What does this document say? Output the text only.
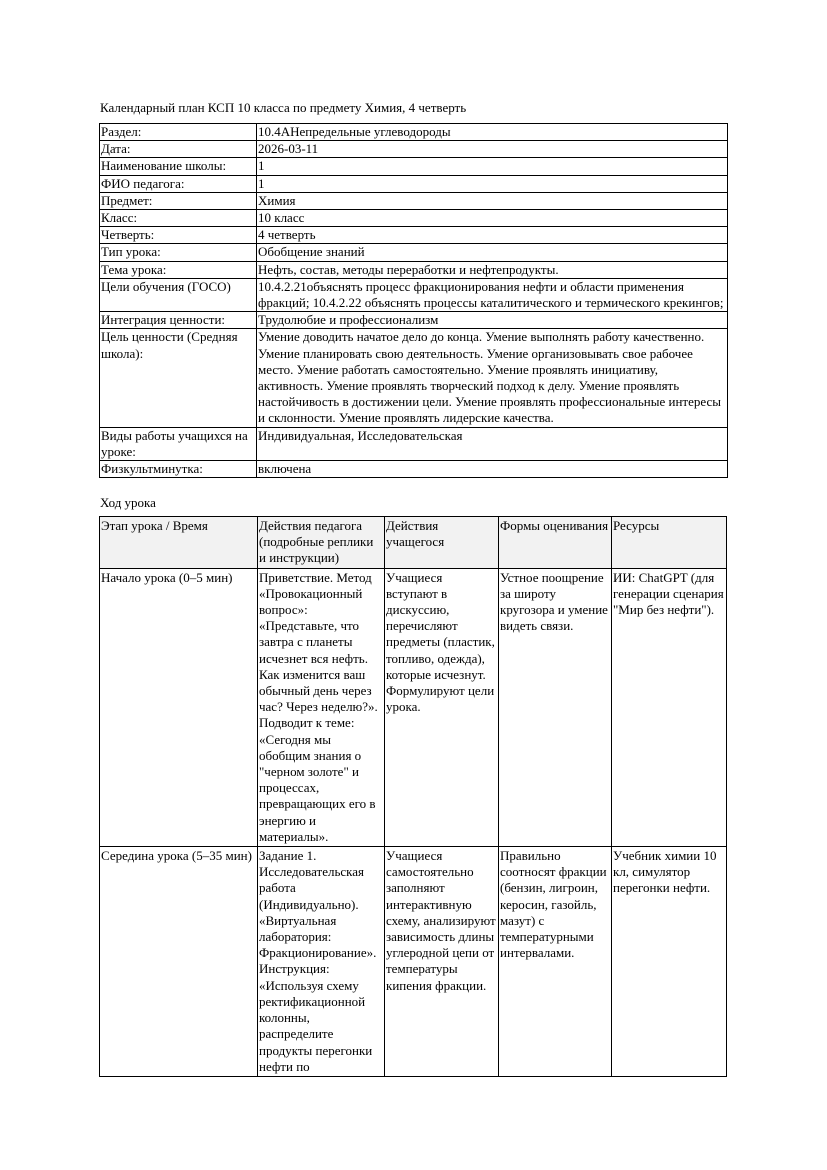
Календарный план КСП 10 класса по предмету Химия, 4 четверть
Раздел:	10.4АНепредельные углеводороды
Дата:	2026-03-11
Наименование школы:	1
ФИО педагога:	1
Предмет:	Химия
Класс:	10 класс
Четверть:	4 четверть
Тип урока:	Обобщение знаний
Тема урока:	Нефть, состав, методы переработки и нефтепродукты.
Цели обучения (ГОСО)	10.4.2.21объяснять процесс фракционирования нефти и области применения фракций; 10.4.2.22 объяснять процессы каталитического и термического крекингов;
Интеграция ценности:	Трудолюбие и профессионализм
Цель ценности (Средняя школа):	Умение доводить начатое дело до конца. Умение выполнять работу качественно. Умение планировать свою деятельность. Умение организовывать свое рабочее место. Умение работать самостоятельно. Умение проявлять инициативу, активность. Умение проявлять творческий подход к делу. Умение проявлять настойчивость в достижении цели. Умение проявлять профессиональные интересы и склонности. Умение проявлять лидерские качества.
Виды работы учащихся на уроке:	Индивидуальная, Исследовательская
Физкультминутка:	включена
Ход урока
Этап урока / Время	Действия педагога (подробные реплики и инструкции)	Действия учащегося	Формы оценивания	Ресурсы
Начало урока (0–5 мин)	Приветствие. Метод «Провокационный вопрос»: «Представьте, что завтра с планеты исчезнет вся нефть. Как изменится ваш обычный день через час? Через неделю?». Подводит к теме: «Сегодня мы обобщим знания о "черном золоте" и процессах, превращающих его в энергию и материалы».	Учащиеся вступают в дискуссию, перечисляют предметы (пластик, топливо, одежда), которые исчезнут. Формулируют цели урока.	Устное поощрение за широту кругозора и умение видеть связи.	ИИ: ChatGPT (для генерации сценария "Мир без нефти").
Середина урока (5–35 мин)	Задание 1. Исследовательская работа (Индивидуально). «Виртуальная лаборатория: Фракционирование». Инструкция: «Используя схему ректификационной колонны, распределите продукты перегонки нефти по	Учащиеся самостоятельно заполняют интерактивную схему, анализируют зависимость длины углеродной цепи от температуры кипения фракции.	Правильно соотносят фракции (бензин, лигроин, керосин, газойль, мазут) с температурными интервалами.	Учебник химии 10 кл, симулятор перегонки нефти.
